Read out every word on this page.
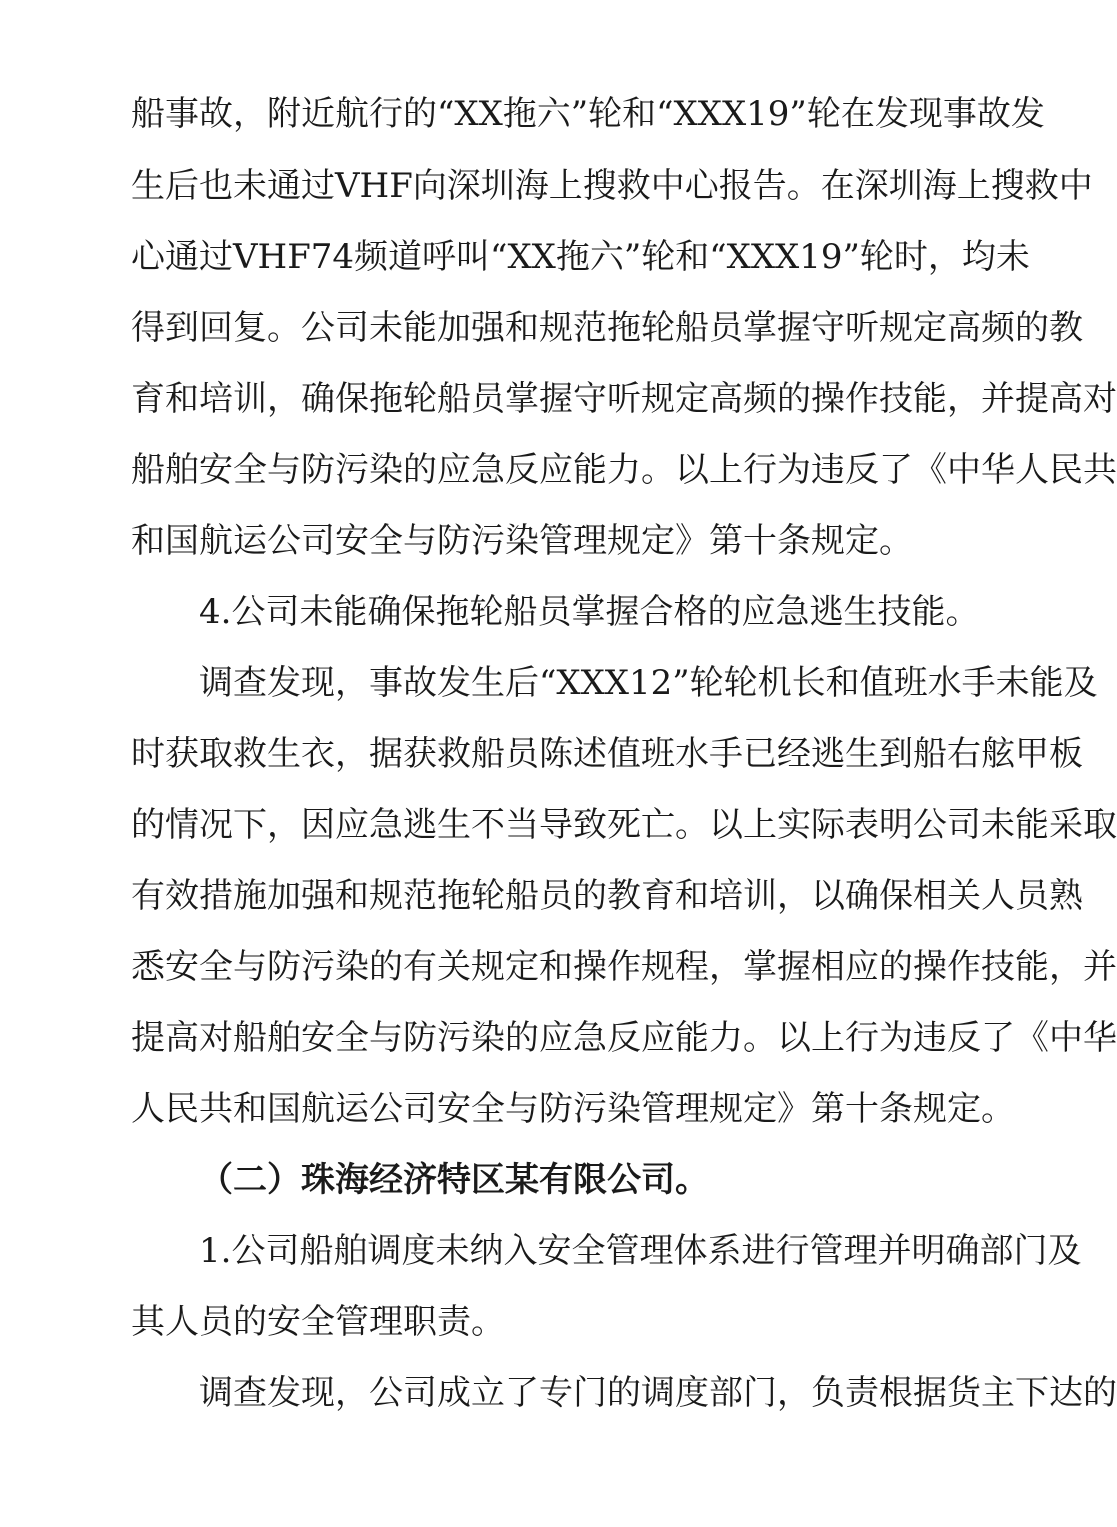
船事故，附近航行的“XX拖六”轮和“XXX19”轮在发现事故发
生后也未通过VHF向深圳海上搜救中心报告。在深圳海上搜救中
心通过VHF74频道呼叫“XX拖六”轮和“XXX19”轮时，均未
得到回复。公司未能加强和规范拖轮船员掌握守听规定高频的教
育和培训，确保拖轮船员掌握守听规定高频的操作技能，并提高对
船舶安全与防污染的应急反应能力。以上行为违反了《中华人民共
和国航运公司安全与防污染管理规定》第十条规定。
4.公司未能确保拖轮船员掌握合格的应急逃生技能。
调查发现，事故发生后“XXX12”轮轮机长和值班水手未能及
时获取救生衣，据获救船员陈述值班水手已经逃生到船右舷甲板
的情况下，因应急逃生不当导致死亡。以上实际表明公司未能采取
有效措施加强和规范拖轮船员的教育和培训，以确保相关人员熟
悉安全与防污染的有关规定和操作规程，掌握相应的操作技能，并
提高对船舶安全与防污染的应急反应能力。以上行为违反了《中华
人民共和国航运公司安全与防污染管理规定》第十条规定。
（二）珠海经济特区某有限公司。
1.公司船舶调度未纳入安全管理体系进行管理并明确部门及
其人员的安全管理职责。
调查发现，公司成立了专门的调度部门，负责根据货主下达的
